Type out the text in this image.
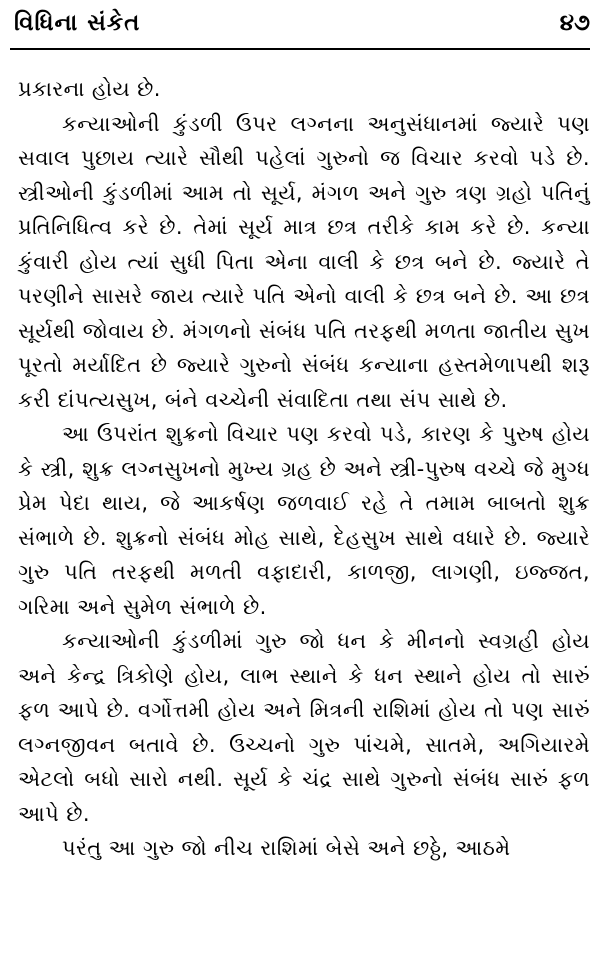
વિધિના સંકેત	૪૭

પ્રકારના હોય છે.

કન્યાઓની કુંડળી ઉપર લગ્નના અનુસંધાનમાં જ્યારે પણ સવાલ પુછાય ત્યારે સૌથી પહેલાં ગુરુનો જ વિચાર કરવો પડે છે. સ્ત્રીઓની કુંડળીમાં આમ તો સૂર્ય, મંગળ અને ગુરુ ત્રણ ગ્રહો પતિનું પ્રતિનિધિત્વ કરે છે. તેમાં સૂર્ય માત્ર છત્ર તરીકે કામ કરે છે. કન્યા કુંવારી હોય ત્યાં સુધી પિતા એના વાલી કે છત્ર બને છે. જ્યારે તે પરણીને સાસરે જાય ત્યારે પતિ એનો વાલી કે છત્ર બને છે. આ છત્ર સૂર્યથી જોવાય છે. મંગળનો સંબંધ પતિ તરફથી મળતા જાતીય સુખ પૂરતો મર્યાદિત છે જ્યારે ગુરુનો સંબંધ કન્યાના હસ્તમેળાપથી શરૂ કરી દાંપત્યસુખ, બંને વચ્ચેની સંવાદિતા તથા સંપ સાથે છે.

આ ઉપરાંત શુક્રનો વિચાર પણ કરવો પડે, કારણ કે પુરુષ હોય કે સ્ત્રી, શુક્ર લગ્નસુખનો મુખ્ય ગ્રહ છે અને સ્ત્રી-પુરુષ વચ્ચે જે મુગ્ધ પ્રેમ પેદા થાય, જે આકર્ષણ જળવાઈ રહે તે તમામ બાબતો શુક્ર સંભાળે છે. શુક્રનો સંબંધ મોહ સાથે, દેહસુખ સાથે વધારે છે. જ્યારે ગુરુ પતિ તરફથી મળતી વફાદારી, કાળજી, લાગણી, ઇજ્જત, ગરિમા અને સુમેળ સંભાળે છે.

કન્યાઓની કુંડળીમાં ગુરુ જો ધન કે મીનનો સ્વગ્રહી હોય અને કેન્દ્ર ત્રિકોણે હોય, લાભ સ્થાને કે ધન સ્થાને હોય તો સારું ફળ આપે છે. વર્ગોત્તમી હોય અને મિત્રની રાશિમાં હોય તો પણ સારું લગ્નજીવન બતાવે છે. ઉચ્ચનો ગુરુ પાંચમે, સાતમે, અગિયારમે એટલો બધો સારો નથી. સૂર્ય કે ચંદ્ર સાથે ગુરુનો સંબંધ સારું ફળ આપે છે.

પરંતુ આ ગુરુ જો નીચ રાશિમાં બેસે અને છઠ્ઠે, આઠમે
